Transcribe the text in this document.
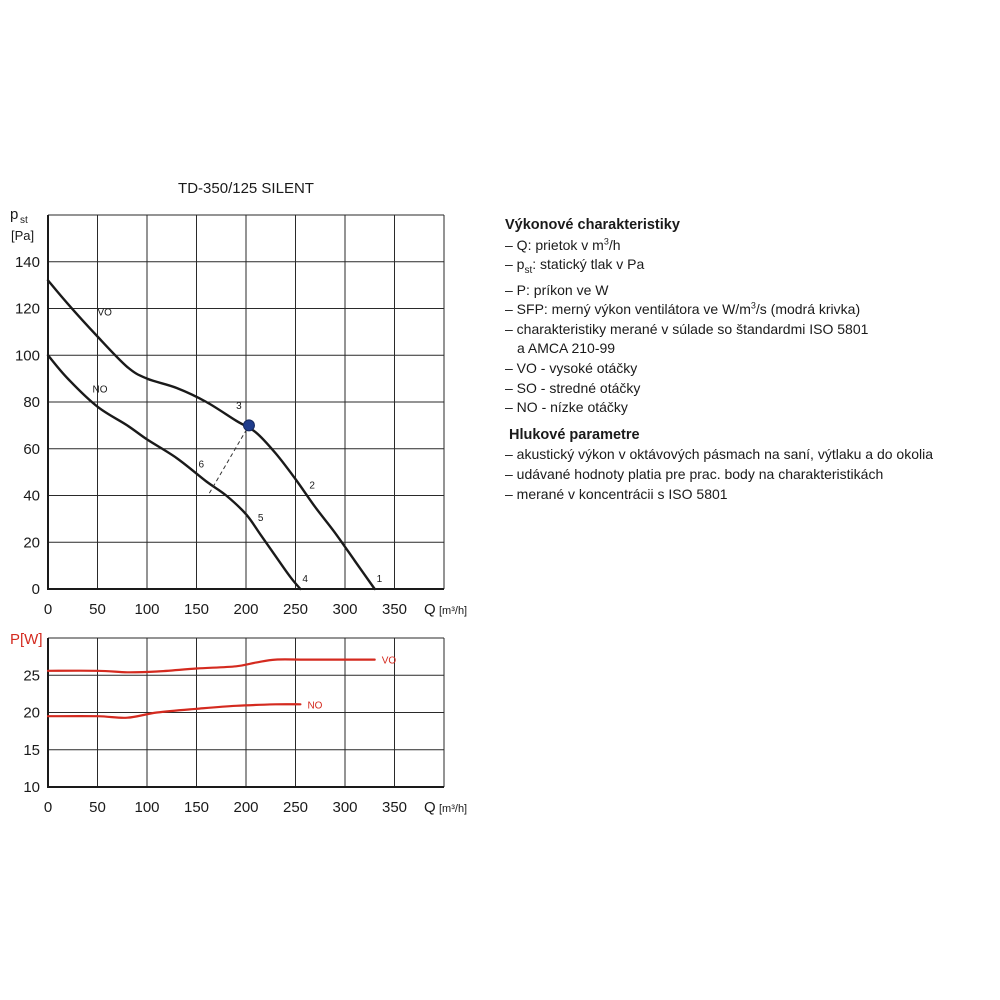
0 50 100 150 200 250 300 350
0
20
40
60
80
100
120
140
Q [m³/h]
VO
NO
TD-350/125 SILENT
p st
[Pa]
1
2
3
4
5
6
0 50 100 150 200 250 300 350
10
15
20
25
Q [m³/h]
VO
NO
P[W]
Výkonové charakteristiky
– Q: prietok v $m^3/h$
– $p_{st}$: statický tlak v Pa
– P: príkon ve W
– SFP: merný výkon ventilátora ve $W/m^3/s$ (modrá krivka)
– charakteristiky merané v súlade so štandardmi ISO 5801
a AMCA 210-99
– VO - vysoké otáčky
– SO - stredné otáčky
– NO - nízke otáčky
Hlukové parametre
– akustický výkon v oktávových pásmach na saní, výtlaku a do okolia
– udávané hodnoty platia pre prac. body na charakteristikách
– merané v koncentrácii s ISO 5801
